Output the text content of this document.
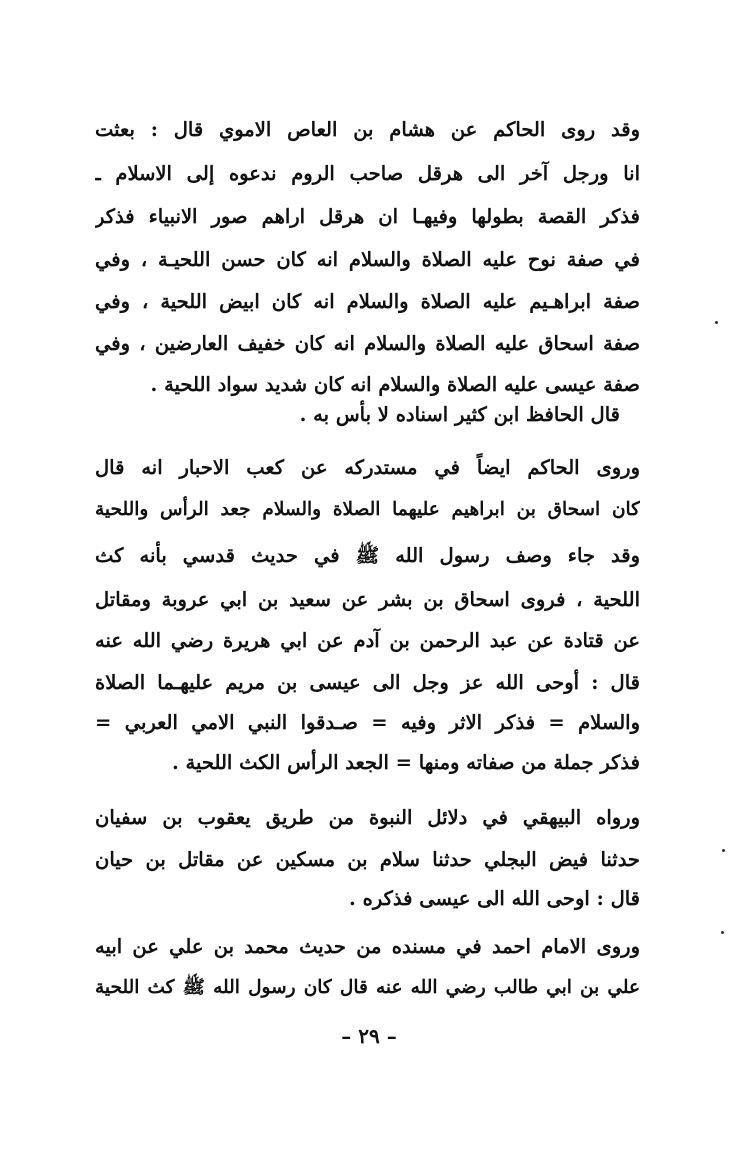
وقد روى الحاكم عن هشام بن العاص الاموي قال : بعثت
انا ورجل آخر الى هرقل صاحب الروم ندعوه إلى الاسلام ـ
فذكر القصة بطولها وفيهـا ان هرقل اراهم صور الانبياء فذكر
في صفة نوح عليه الصلاة والسلام انه كان حسن اللحيـة ، وفي
صفة ابراهـيم عليه الصلاة والسلام انه كان ابيض اللحية ، وفي
صفة اسحاق عليه الصلاة والسلام انه كان خفيف العارضين ، وفي
صفة عيسى عليه الصلاة والسلام انه كان شديد سواد اللحية .
قال الحافظ ابن كثير اسناده لا بأس به .
وروى الحاكم ايضاً في مستدركه عن كعب الاحبار انه قال
كان اسحاق بن ابراهيم عليهما الصلاة والسلام جعد الرأس واللحية
وقد جاء وصف رسول الله ﷺ في حديث قدسي بأنه كث
اللحية ، فروى اسحاق بن بشر عن سعيد بن ابي عروبة ومقاتل
عن قتادة عن عبد الرحمن بن آدم عن ابي هريرة رضي الله عنه
قال : أوحى الله عز وجل الى عيسى بن مريم عليهـما الصلاة
والسلام = فذكر الاثر وفيه = صـدقوا النبي الامي العربي =
فذكر جملة من صفاته ومنها = الجعد الرأس الكث اللحية .
ورواه البيهقي في دلائل النبوة من طريق يعقوب بن سفيان
حدثنا فيض البجلي حدثنا سلام بن مسكين عن مقاتل بن حيان
قال : اوحى الله الى عيسى فذكره .
وروى الامام احمد في مسنده من حديث محمد بن علي عن ابيه
علي بن ابي طالب رضي الله عنه قال كان رسول الله ﷺ كث اللحية
– ٢٩ –
